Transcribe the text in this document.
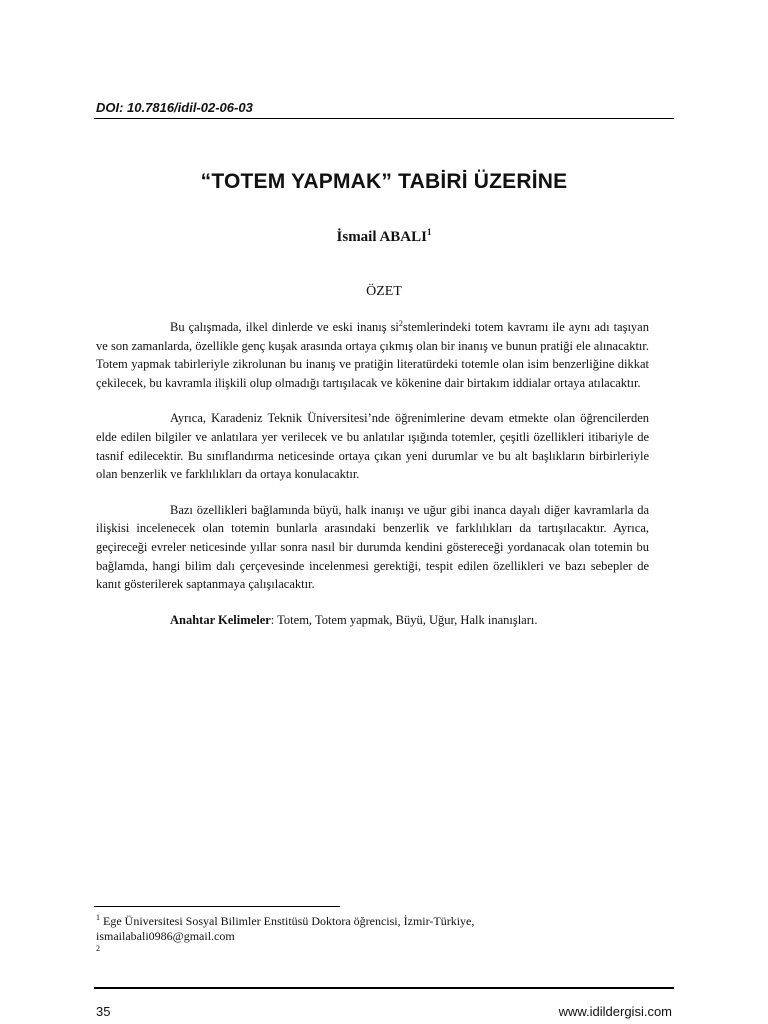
DOI: 10.7816/idil-02-06-03
“TOTEM YAPMAK” TABİRİ ÜZERİNE
İsmail ABALI$^1$
ÖZET

Bu çalışmada, ilkel dinlerde ve eski inanış $si^2stemlerindeki$ totem kavramı ile aynı adı taşıyan ve son zamanlarda, özellikle genç kuşak arasında ortaya çıkmış olan bir inanış ve bunun pratiği ele alınacaktır. Totem yapmak tabirleriyle zikrolunan bu inanış ve pratiğin literatürdeki totemle olan isim benzerliğine dikkat çekilecek, bu kavramla ilişkili olup olmadığı tartışılacak ve kökenine dair birtakım iddialar ortaya atılacaktır.

Ayrıca, Karadeniz Teknik Üniversitesi’nde öğrenimlerine devam etmekte olan öğrencilerden elde edilen bilgiler ve anlatılara yer verilecek ve bu anlatılar ışığında totemler, çeşitli özellikleri itibariyle de tasnif edilecektir. Bu sınıflandırma neticesinde ortaya çıkan yeni durumlar ve bu alt başlıkların birbirleriyle olan benzerlik ve farklılıkları da ortaya konulacaktır.

Bazı özellikleri bağlamında büyü, halk inanışı ve uğur gibi inanca dayalı diğer kavramlarla da ilişkisi incelenecek olan totemin bunlarla arasındaki benzerlik ve farklılıkları da tartışılacaktır. Ayrıca, geçireceği evreler neticesinde yıllar sonra nasıl bir durumda kendini göstereceği yordanacak olan totemin bu bağlamda, hangi bilim dalı çerçevesinde incelenmesi gerektiği, tespit edilen özellikleri ve bazı sebepler de kanıt gösterilerek saptanmaya çalışılacaktır.

Anahtar Kelimeler: Totem, Totem yapmak, Büyü, Uğur, Halk inanışları.

$^1$ Ege Üniversitesi Sosyal Bilimler Enstitüsü Doktora öğrencisi, İzmir-Türkiye,
ismailabali0986@gmail.com
2
35	www.idildergisi.com
